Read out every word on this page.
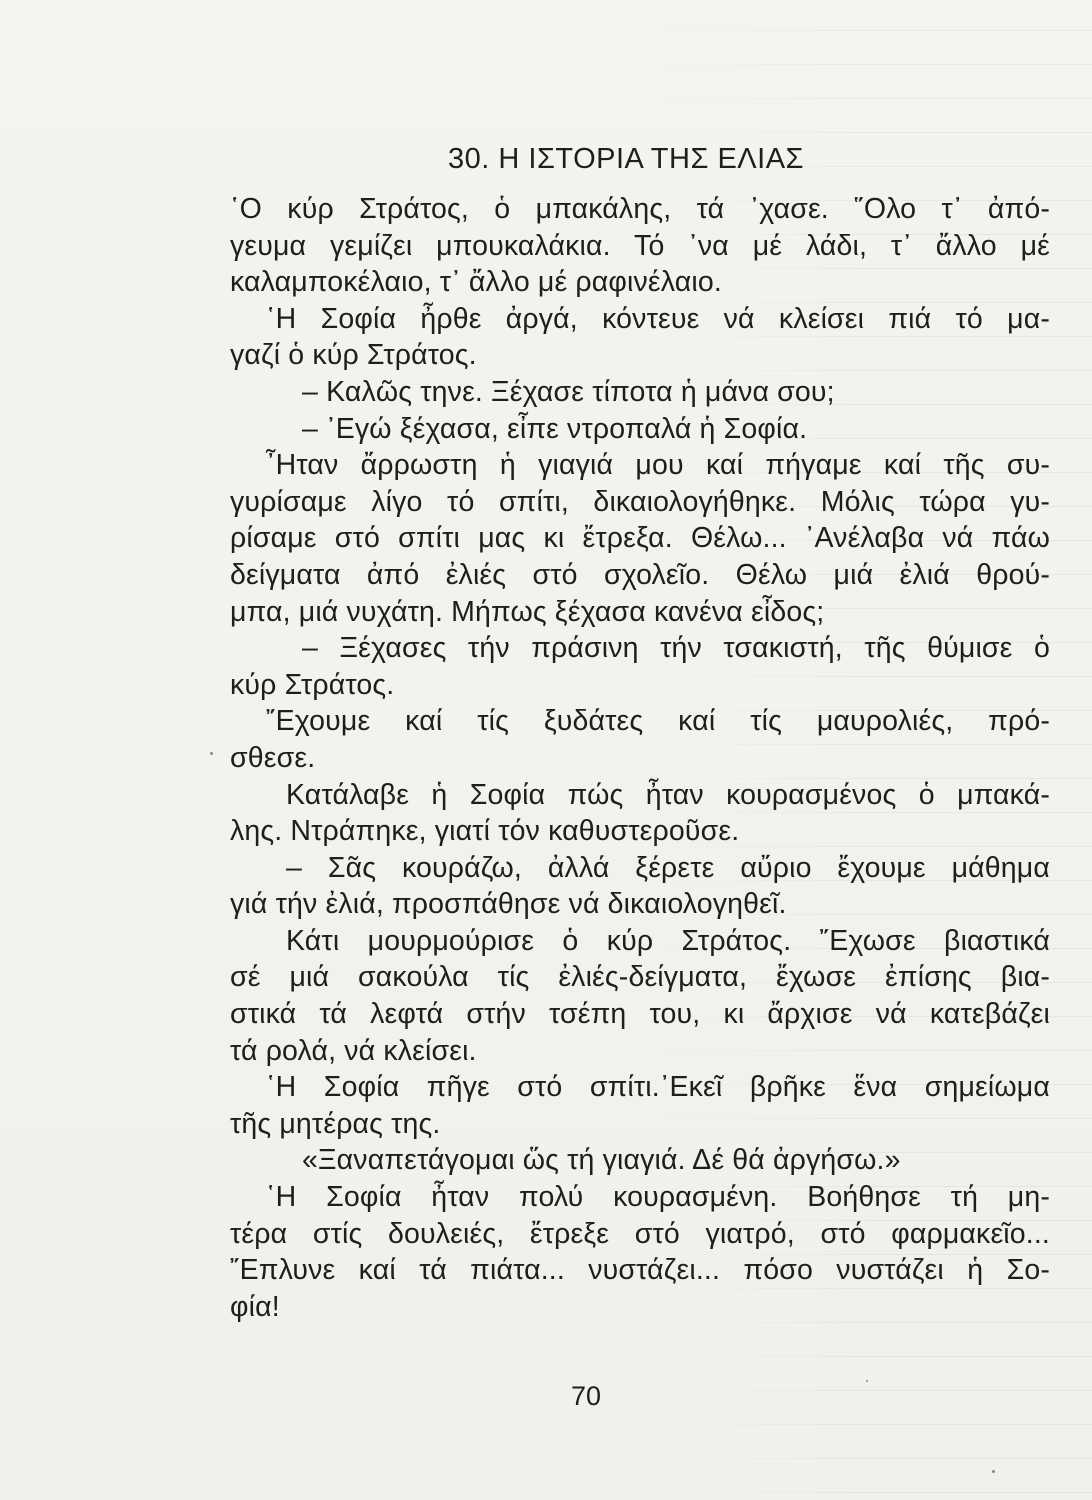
30. Η ΙΣΤΟΡΙΑ ΤΗΣ ΕΛΙΑΣ
῾Ο κύρ Στράτος, ὁ μπακάλης, τά ᾽χασε. ῞Ολο τ᾽ ἀπό-
γευμα γεμίζει μπουκαλάκια. Τό ᾽να μέ λάδι, τ᾽ ἄλλο μέ
καλαμποκέλαιο, τ᾽ ἄλλο μέ ραφινέλαιο.
῾Η Σοφία ἦρθε ἀργά, κόντευε νά κλείσει πιά τό μα-
γαζί ὁ κύρ Στράτος.
– Καλῶς τηνε. Ξέχασε τίποτα ἡ μάνα σου;
– ᾽Εγώ ξέχασα, εἶπε ντροπαλά ἡ Σοφία.
῏Ηταν ἄρρωστη ἡ γιαγιά μου καί πήγαμε καί τῆς συ-
γυρίσαμε λίγο τό σπίτι, δικαιολογήθηκε. Μόλις τώρα γυ-
ρίσαμε στό σπίτι μας κι ἔτρεξα. Θέλω... ᾽Ανέλαβα νά πάω
δείγματα ἀπό ἐλιές στό σχολεῖο. Θέλω μιά ἐλιά θρού-
μπα, μιά νυχάτη. Μήπως ξέχασα κανένα εἶδος;
– Ξέχασες τήν πράσινη τήν τσακιστή, τῆς θύμισε ὁ
κύρ Στράτος.
῎Εχουμε καί τίς ξυδάτες καί τίς μαυρολιές, πρό-
σθεσε.
Κατάλαβε ἡ Σοφία πώς ἦταν κουρασμένος ὁ μπακά-
λης. Ντράπηκε, γιατί τόν καθυστεροῦσε.
– Σᾶς κουράζω, ἀλλά ξέρετε αὔριο ἔχουμε μάθημα
γιά τήν ἐλιά, προσπάθησε νά δικαιολογηθεῖ.
Κάτι μουρμούρισε ὁ κύρ Στράτος. ῎Εχωσε βιαστικά
σέ μιά σακούλα τίς ἐλιές-δείγματα, ἔχωσε ἐπίσης βια-
στικά τά λεφτά στήν τσέπη του, κι ἄρχισε νά κατεβάζει
τά ρολά, νά κλείσει.
῾Η Σοφία πῆγε στό σπίτι.᾽Εκεῖ βρῆκε ἕνα σημείωμα
τῆς μητέρας της.
«Ξαναπετάγομαι ὥς τή γιαγιά. Δέ θά ἀργήσω.»
῾Η Σοφία ἦταν πολύ κουρασμένη. Βοήθησε τή μη-
τέρα στίς δουλειές, ἔτρεξε στό γιατρό, στό φαρμακεῖο...
῎Επλυνε καί τά πιάτα... νυστάζει... πόσο νυστάζει ἡ Σο-
φία!
70
